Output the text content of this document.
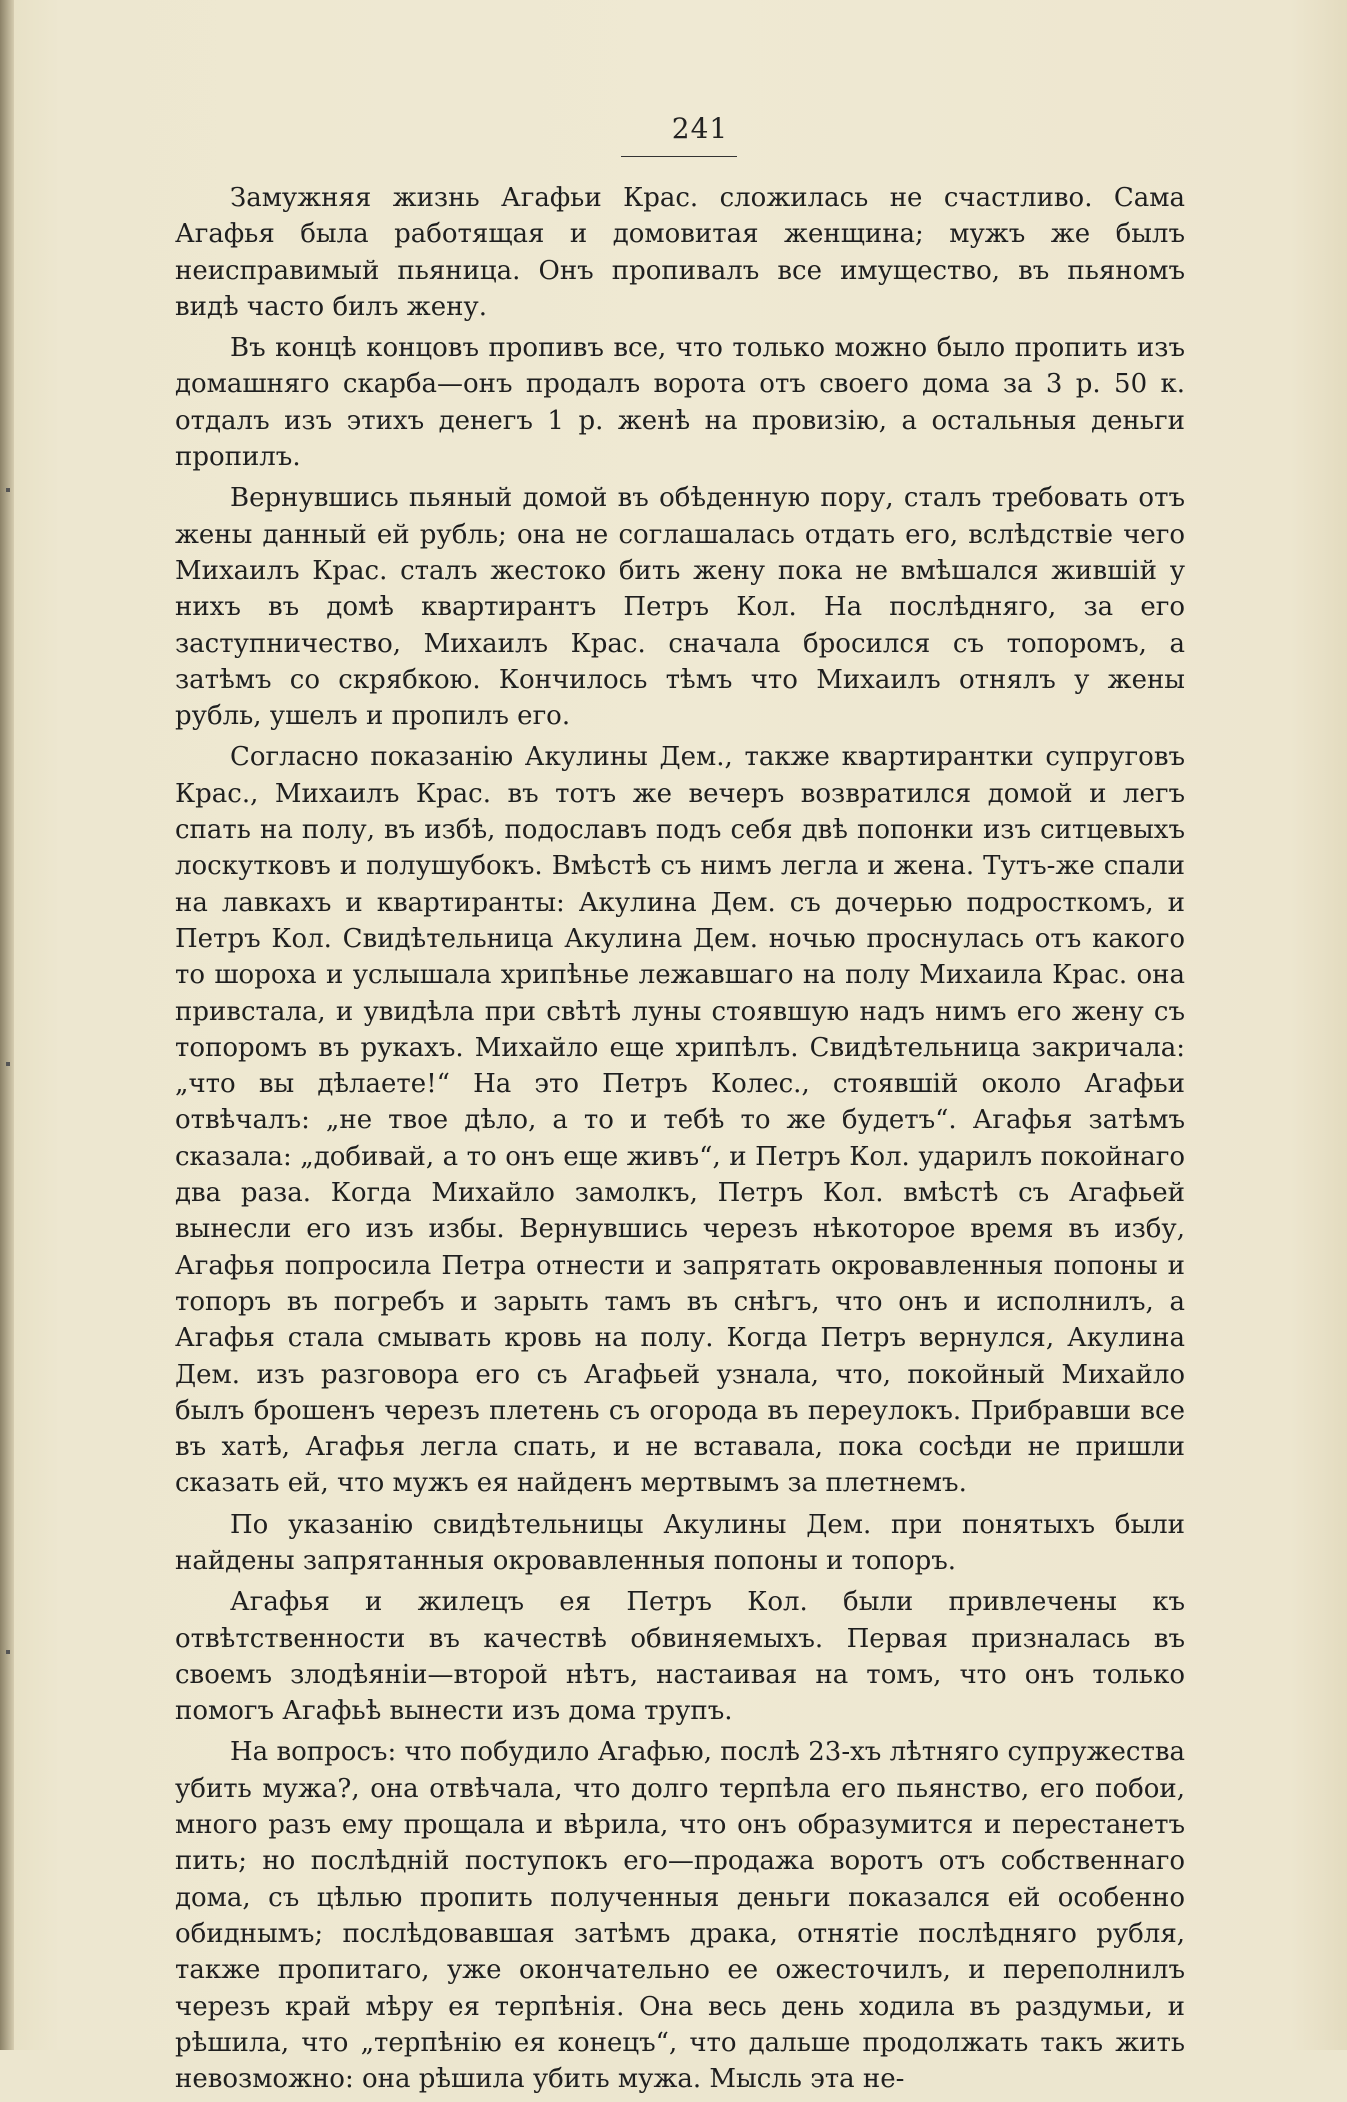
241

Замужняя жизнь Агафьи Крас. сложилась не счастливо. Сама Агафья была работящая и домовитая женщина; мужъ же былъ неисправимый пьяница. Онъ пропивалъ все имущество, въ пьяномъ видѣ часто билъ жену.

Въ концѣ концовъ пропивъ все, что только можно было пропить изъ домашняго скарба—онъ продалъ ворота отъ своего дома за 3 р. 50 к. отдалъ изъ этихъ денегъ 1 р. женѣ на провизію, а остальныя деньги пропилъ.

Вернувшись пьяный домой въ обѣденную пору, сталъ требовать отъ жены данный ей рубль; она не соглашалась отдать его, вслѣдствіе чего Михаилъ Крас. сталъ жестоко бить жену пока не вмѣшался жившій у нихъ въ домѣ квартирантъ Петръ Кол. На послѣдняго, за его заступничество, Михаилъ Крас. сначала бросился съ топоромъ, а затѣмъ со скрябкою. Кончилось тѣмъ что Михаилъ отнялъ у жены рубль, ушелъ и пропилъ его.

Согласно показанію Акулины Дем., также квартирантки супруговъ Крас., Михаилъ Крас. въ тотъ же вечеръ возвратился домой и легъ спать на полу, въ избѣ, подославъ подъ себя двѣ попонки изъ ситцевыхъ лоскутковъ и полушубокъ. Вмѣстѣ съ нимъ легла и жена. Тутъ-же спали на лавкахъ и квартиранты: Акулина Дем. съ дочерью подросткомъ, и Петръ Кол. Свидѣтельница Акулина Дем. ночью проснулась отъ какого то шороха и услышала хрипѣнье лежавшаго на полу Михаила Крас. она привстала, и увидѣла при свѣтѣ луны стоявшую надъ нимъ его жену съ топоромъ въ рукахъ. Михайло еще хрипѣлъ. Свидѣтельница закричала: „что вы дѣлаете!“ На это Петръ Колес., стоявшій около Агафьи отвѣчалъ: „не твое дѣло, а то и тебѣ то же будетъ“. Агафья затѣмъ сказала: „добивай, а то онъ еще живъ“, и Петръ Кол. ударилъ покойнаго два раза. Когда Михайло замолкъ, Петръ Кол. вмѣстѣ съ Агафьей вынесли его изъ избы. Вернувшись черезъ нѣкоторое время въ избу, Агафья попросила Петра отнести и запрятать окровавленныя попоны и топоръ въ погребъ и зарыть тамъ въ снѣгъ, что онъ и исполнилъ, а Агафья стала смывать кровь на полу. Когда Петръ вернулся, Акулина Дем. изъ разговора его съ Агафьей узнала, что, покойный Михайло былъ брошенъ черезъ плетень съ огорода въ переулокъ. Прибравши все въ хатѣ, Агафья легла спать, и не вставала, пока сосѣди не пришли сказать ей, что мужъ ея найденъ мертвымъ за плетнемъ.

По указанію свидѣтельницы Акулины Дем. при понятыхъ были найдены запрятанныя окровавленныя попоны и топоръ.

Агафья и жилецъ ея Петръ Кол. были привлечены къ отвѣтственности въ качествѣ обвиняемыхъ. Первая призналась въ своемъ злодѣяніи—второй нѣтъ, настаивая на томъ, что онъ только помогъ Агафьѣ вынести изъ дома трупъ.

На вопросъ: что побудило Агафью, послѣ 23-хъ лѣтняго супружества убить мужа?, она отвѣчала, что долго терпѣла его пьянство, его побои, много разъ ему прощала и вѣрила, что онъ образумится и перестанетъ пить; но послѣдній поступокъ его—продажа воротъ отъ собственнаго дома, съ цѣлью пропить полученныя деньги показался ей особенно обиднымъ; послѣдовавшая затѣмъ драка, отнятіе послѣдняго рубля, также пропитаго, уже окончательно ее ожесточилъ, и переполнилъ черезъ край мѣру ея терпѣнія. Она весь день ходила въ раздумьи, и рѣшила, что „терпѣнію ея конецъ“, что дальше продолжать такъ жить невозможно: она рѣшила убить мужа. Мысль эта не-
